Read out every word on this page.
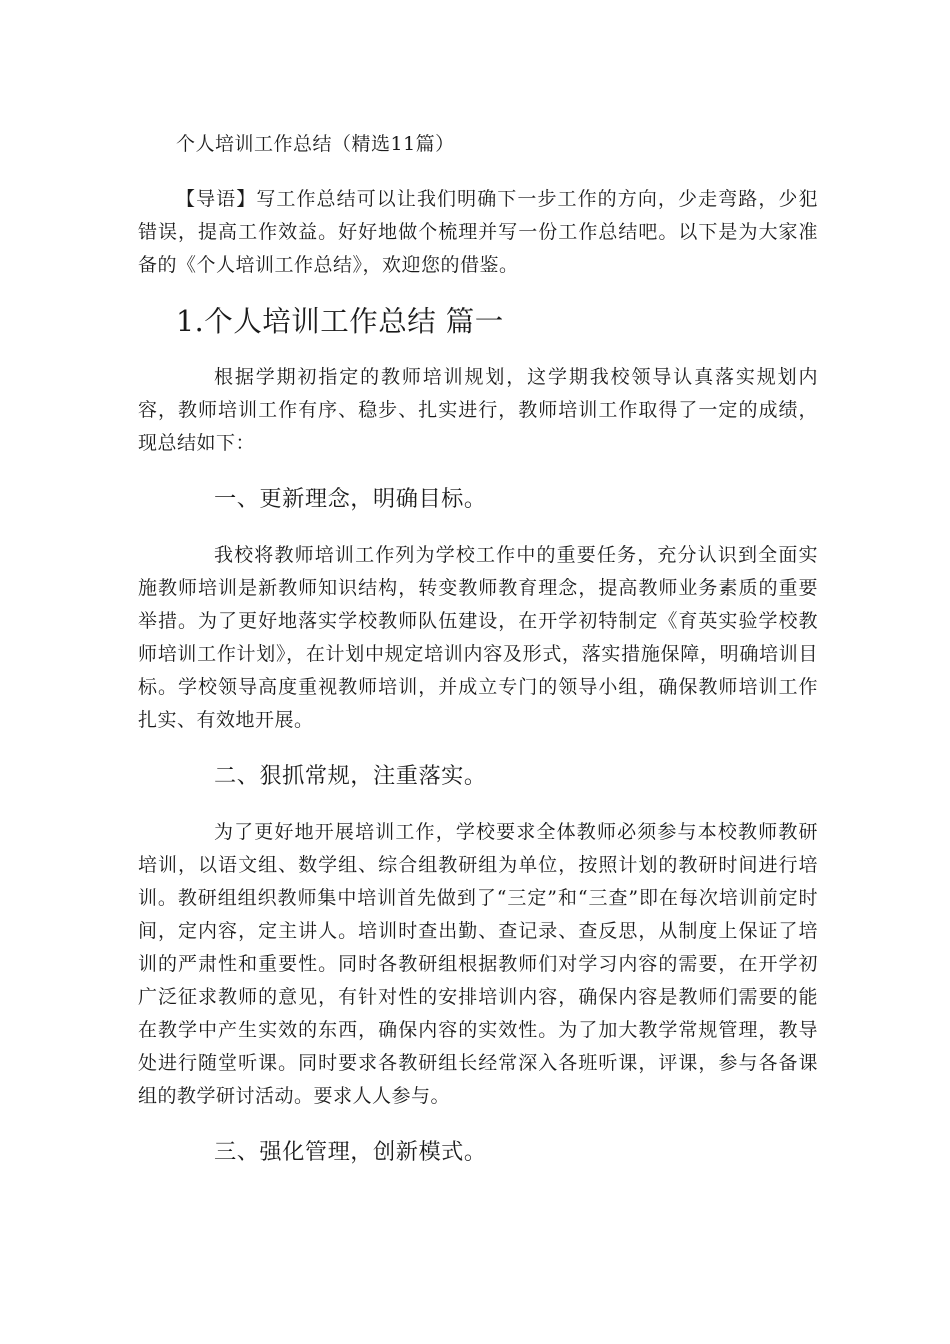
个人培训工作总结（精选11篇）

【导语】写工作总结可以让我们明确下一步工作的方向，少走弯路，少犯错误，提高工作效益。好好地做个梳理并写一份工作总结吧。以下是为大家准备的《个人培训工作总结》，欢迎您的借鉴。

1.个人培训工作总结 篇一

根据学期初指定的教师培训规划，这学期我校领导认真落实规划内容，教师培训工作有序、稳步、扎实进行，教师培训工作取得了一定的成绩，现总结如下：

一、更新理念，明确目标。

我校将教师培训工作列为学校工作中的重要任务，充分认识到全面实施教师培训是新教师知识结构，转变教师教育理念，提高教师业务素质的重要举措。为了更好地落实学校教师队伍建设，在开学初特制定《育英实验学校教师培训工作计划》，在计划中规定培训内容及形式，落实措施保障，明确培训目标。学校领导高度重视教师培训，并成立专门的领导小组，确保教师培训工作扎实、有效地开展。

二、狠抓常规，注重落实。

为了更好地开展培训工作，学校要求全体教师必须参与本校教师教研培训，以语文组、数学组、综合组教研组为单位，按照计划的教研时间进行培训。教研组组织教师集中培训首先做到了“三定”和“三查”即在每次培训前定时间，定内容，定主讲人。培训时查出勤、查记录、查反思，从制度上保证了培训的严肃性和重要性。同时各教研组根据教师们对学习内容的需要，在开学初广泛征求教师的意见，有针对性的安排培训内容，确保内容是教师们需要的能在教学中产生实效的东西，确保内容的实效性。为了加大教学常规管理，教导处进行随堂听课。同时要求各教研组长经常深入各班听课，评课，参与各备课组的教学研讨活动。要求人人参与。

三、强化管理，创新模式。
